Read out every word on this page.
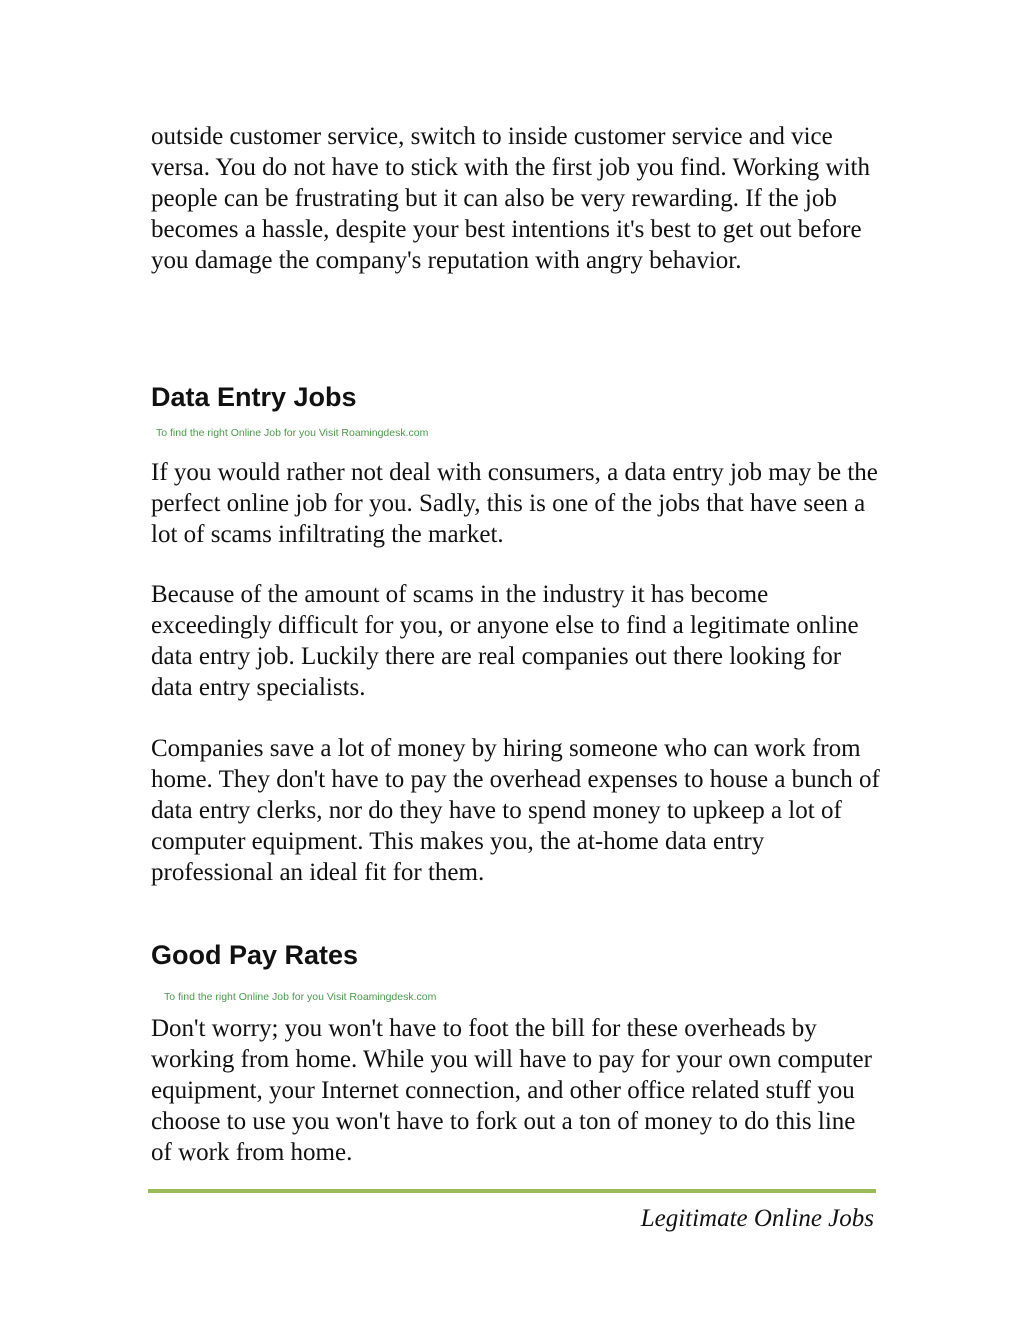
outside customer service, switch to inside customer service and vice versa. You do not have to stick with the first job you find. Working with people can be frustrating but it can also be very rewarding. If the job becomes a hassle, despite your best intentions it's best to get out before you damage the company's reputation with angry behavior.

Data Entry Jobs

To find the right Online Job for you Visit Roamingdesk.com

If you would rather not deal with consumers, a data entry job may be the perfect online job for you. Sadly, this is one of the jobs that have seen a lot of scams infiltrating the market.

Because of the amount of scams in the industry it has become exceedingly difficult for you, or anyone else to find a legitimate online data entry job. Luckily there are real companies out there looking for data entry specialists.

Companies save a lot of money by hiring someone who can work from home. They don't have to pay the overhead expenses to house a bunch of data entry clerks, nor do they have to spend money to upkeep a lot of computer equipment. This makes you, the at-home data entry professional an ideal fit for them.

Good Pay Rates

To find the right Online Job for you Visit Roamingdesk.com

Don't worry; you won't have to foot the bill for these overheads by working from home. While you will have to pay for your own computer equipment, your Internet connection, and other office related stuff you choose to use you won't have to fork out a ton of money to do this line of work from home.

Legitimate Online Jobs
